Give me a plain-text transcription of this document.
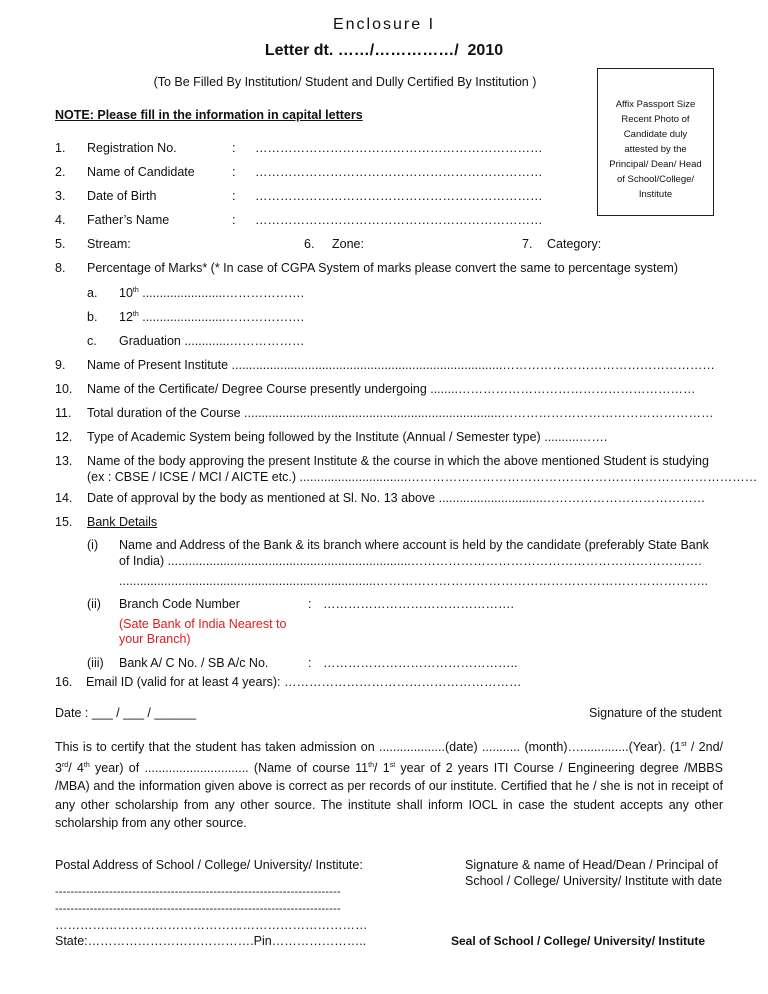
Enclosure I
Letter dt. ……/……………/ 2010
(To Be Filled By Institution/ Student and Dully Certified By Institution )
NOTE: Please fill in the information in capital letters
Affix Passport Size
Recent Photo of
Candidate duly
attested by the
Principal/ Dean/ Head
of School/College/
Institute
1. Registration No.	: ……………………………………………………………
2. Name of Candidate	: ……………………………………………………………
3. Date of Birth	: ……………………………………………………………
4. Father’s Name	: ……………………………………………………………
5. Stream:	6. Zone:	7. Category:
8. Percentage of Marks* (* In case of CGPA System of marks please convert the same to percentage system)
a. 10th ........................……………….
b. 12th ........................……………….
c. Graduation .............………………
9. Name of Present Institute ..............................................................................……………………………………………
10. Name of the Certificate/ Degree Course presently undergoing ........…………………………………………………
11. Total duration of the Course ..........................................................................……………………………………………
12. Type of Academic System being followed by the Institute (Annual / Semester type) ..........…….
13. Name of the body approving the present Institute & the course in which the above mentioned Student is studying
(ex : CBSE / ICSE / MCI / AICTE etc.) ...............................…………………………………………………………………………
14. Date of approval by the body as mentioned at Sl. No. 13 above ..............................…………………………………
15. Bank Details
(i) Name and Address of the Bank & its branch where account is held by the candidate (preferably State Bank
of India) ......................................................................…………………………………………………………….
..........................................................................……………………………………………………………………..
(ii) Branch Code Number	: ……………………………………….
(Sate Bank of India Nearest to
your Branch)
(iii) Bank A/ C No. / SB A/c No.	: ………………………………………..
16. Email ID (valid for at least 4 years): …………………………………………………
Date : ___ / ___ / ______	Signature of the student
This is to certify that the student has taken admission on ...................(date) ........... (month)…..............(Year). (1st / 2nd/ 3rd/ 4th year) of .............................. (Name of course 11th/ 1st year of 2 years ITI Course / Engineering degree /MBBS /MBA) and the information given above is correct as per records of our institute. Certified that he / she is not in receipt of any other scholarship from any other source. The institute shall inform IOCL in case the student accepts any other scholarship from any other source.
Postal Address of School / College/ University/ Institute:
--------------------------------------------------------------------------
--------------------------------------------------------------------------
…………………………………………………………………
State:………………………………….Pin…………………..
Signature & name of Head/Dean / Principal of
School / College/ University/ Institute with date
Seal of School / College/ University/ Institute
